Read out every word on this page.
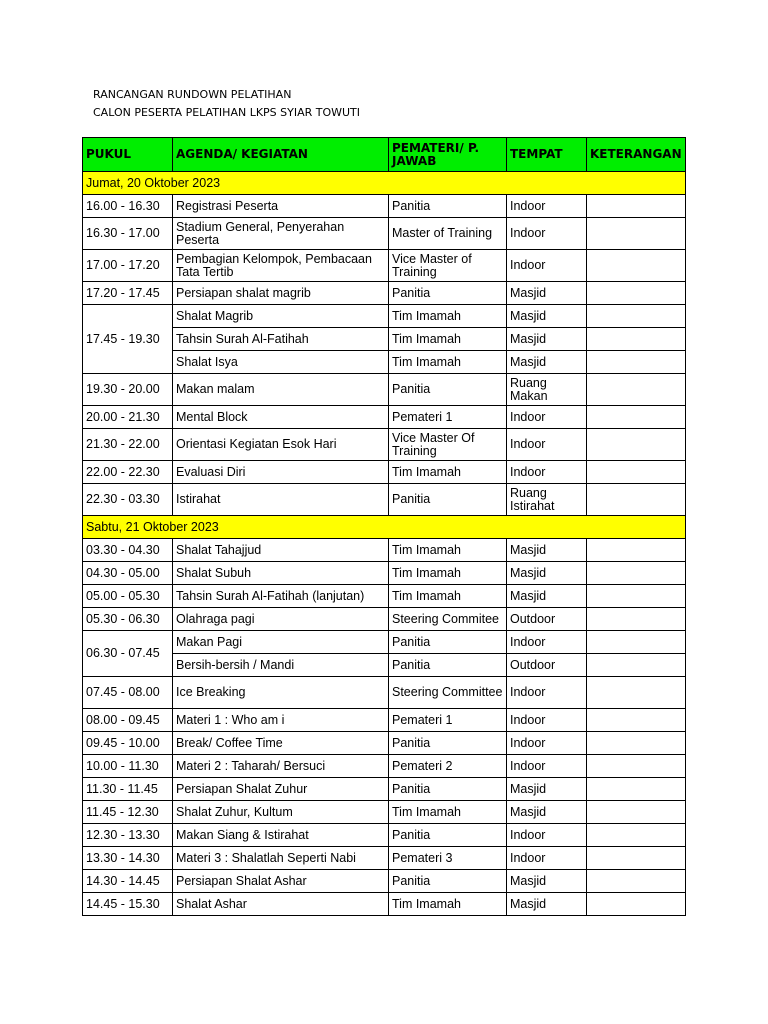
RANCANGAN RUNDOWN PELATIHAN
CALON PESERTA PELATIHAN LKPS SYIAR TOWUTI
PUKUL	AGENDA/ KEGIATAN	PEMATERI/ P. JAWAB	TEMPAT	KETERANGAN
Jumat, 20 Oktober 2023				
16.00 - 16.30	Registrasi Peserta	Panitia	Indoor	
16.30 - 17.00	Stadium General, Penyerahan Peserta	Master of Training	Indoor	
17.00 - 17.20	Pembagian Kelompok, Pembacaan Tata Tertib	Vice Master of Training	Indoor	
17.20 - 17.45	Persiapan shalat magrib	Panitia	Masjid	
17.45 - 19.30	Shalat Magrib	Tim Imamah	Masjid	
	Tahsin Surah Al-Fatihah	Tim Imamah	Masjid	
	Shalat Isya	Tim Imamah	Masjid	
19.30 - 20.00	Makan malam	Panitia	Ruang Makan	
20.00 - 21.30	Mental Block	Pemateri 1	Indoor	
21.30 - 22.00	Orientasi Kegiatan Esok Hari	Vice Master Of Training	Indoor	
22.00 - 22.30	Evaluasi Diri	Tim Imamah	Indoor	
22.30 - 03.30	Istirahat	Panitia	Ruang Istirahat	
Sabtu, 21 Oktober 2023				
03.30 - 04.30	Shalat Tahajjud	Tim Imamah	Masjid	
04.30 - 05.00	Shalat Subuh	Tim Imamah	Masjid	
05.00 - 05.30	Tahsin Surah Al-Fatihah (lanjutan)	Tim Imamah	Masjid	
05.30 - 06.30	Olahraga pagi	Steering Commitee	Outdoor	
06.30 - 07.45	Makan Pagi	Panitia	Indoor	
	Bersih-bersih / Mandi	Panitia	Outdoor	
07.45 - 08.00	Ice Breaking	Steering Committee	Indoor	
08.00 - 09.45	Materi 1 : Who am i	Pemateri 1	Indoor	
09.45 - 10.00	Break/ Coffee Time	Panitia	Indoor	
10.00 - 11.30	Materi 2 : Taharah/ Bersuci	Pemateri 2	Indoor	
11.30 - 11.45	Persiapan Shalat Zuhur	Panitia	Masjid	
11.45 - 12.30	Shalat Zuhur, Kultum	Tim Imamah	Masjid	
12.30 - 13.30	Makan Siang & Istirahat	Panitia	Indoor	
13.30 - 14.30	Materi 3 : Shalatlah Seperti Nabi	Pemateri 3	Indoor	
14.30 - 14.45	Persiapan Shalat Ashar	Panitia	Masjid	
14.45 - 15.30	Shalat Ashar	Tim Imamah	Masjid	
